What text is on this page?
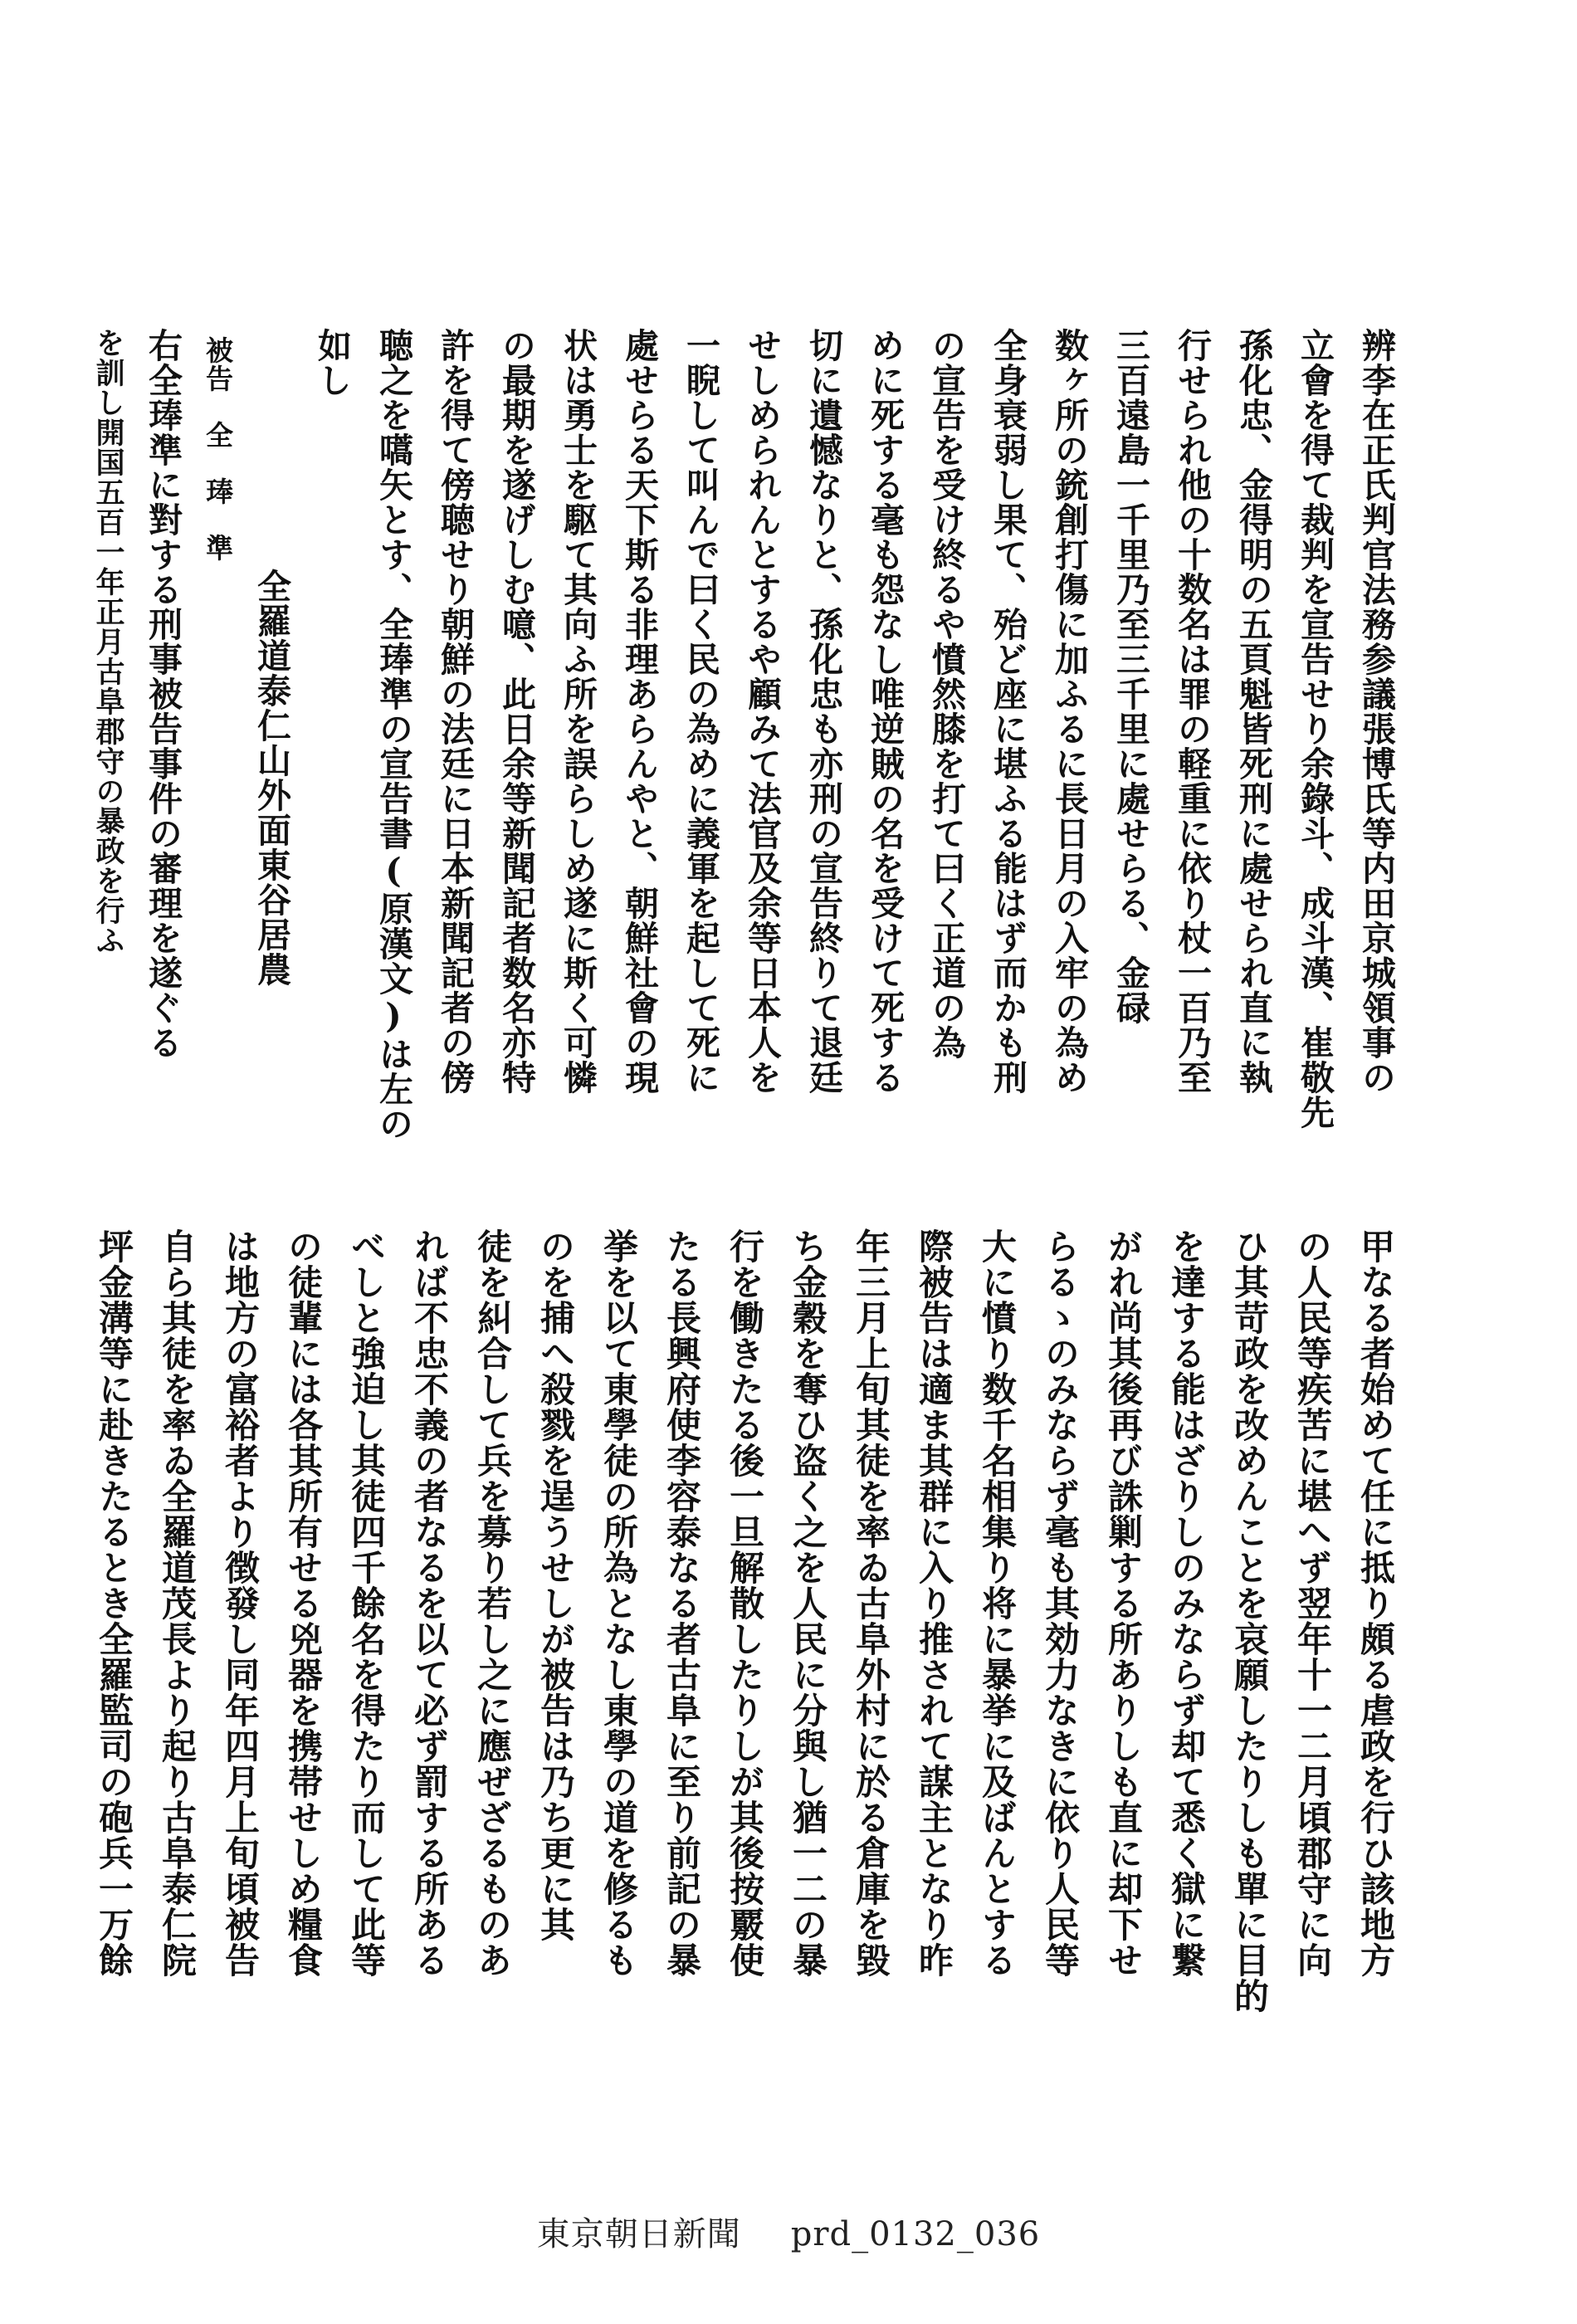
辨李在正氏判官法務参議張博氏等内田京城領事の
立會を得て裁判を宣告せり余錄斗、成斗漢、崔敬先
孫化忠、金得明の五頁魁皆死刑に處せられ直に執
行せられ他の十数名は罪の軽重に依り杖一百乃至
三百遠島一千里乃至三千里に處せらる、金碌
数ヶ所の銃創打傷に加ふるに長日月の入牢の為め
全身衰弱し果て、殆ど座に堪ふる能はず而かも刑
の宣告を受け終るや憤然膝を打て曰く正道の為
めに死する毫も怨なし唯逆賊の名を受けて死する
切に遺憾なりと、孫化忠も亦刑の宣告終りて退廷
せしめられんとするや顧みて法官及余等日本人を
一睨して叫んで曰く民の為めに義軍を起して死に
處せらる天下斯る非理あらんやと、朝鮮社會の現
状は勇士を駆て其向ふ所を誤らしめ遂に斯く可憐
の最期を遂げしむ噫、此日余等新聞記者数名亦特
許を得て傍聴せり朝鮮の法廷に日本新聞記者の傍
聴之を嚆矢とす、全琫準の宣告書(原漢文)は左の
如し
全羅道泰仁山外面東谷居農
被告　全　琫　準
右全琫準に對する刑事被告事件の審理を遂ぐる
を訓し開国五百一年正月古阜郡守の暴政を行ふ
甲なる者始めて任に抵り頗る虐政を行ひ該地方
の人民等疾苦に堪へず翌年十一二月頃郡守に向
ひ其苛政を改めんことを哀願したりしも單に目的
を達する能はざりしのみならず却て悉く獄に繋
がれ尚其後再び誅剿する所ありしも直に却下せ
らるゝのみならず毫も其効力なきに依り人民等
大に憤り数千名相集り将に暴挙に及ばんとする
際被告は適ま其群に入り推されて謀主となり昨
年三月上旬其徒を率ゐ古阜外村に於る倉庫を毀
ち金穀を奪ひ盗く之を人民に分與し猶一二の暴
行を働きたる後一旦解散したりしが其後按覈使
たる長興府使李容泰なる者古阜に至り前記の暴
挙を以て東學徒の所為となし東學の道を修るも
のを捕へ殺戮を逞うせしが被告は乃ち更に其
徒を糾合して兵を募り若し之に應ぜざるものあ
れば不忠不義の者なるを以て必ず罰する所ある
べしと強迫し其徒四千餘名を得たり而して此等
の徒輩には各其所有せる兇器を携帯せしめ糧食
は地方の富裕者より徴發し同年四月上旬頃被告
自ら其徒を率ゐ全羅道茂長より起り古阜泰仁院
坪金溝等に赴きたるとき全羅監司の砲兵一万餘
東京朝日新聞 prd_0132_036
